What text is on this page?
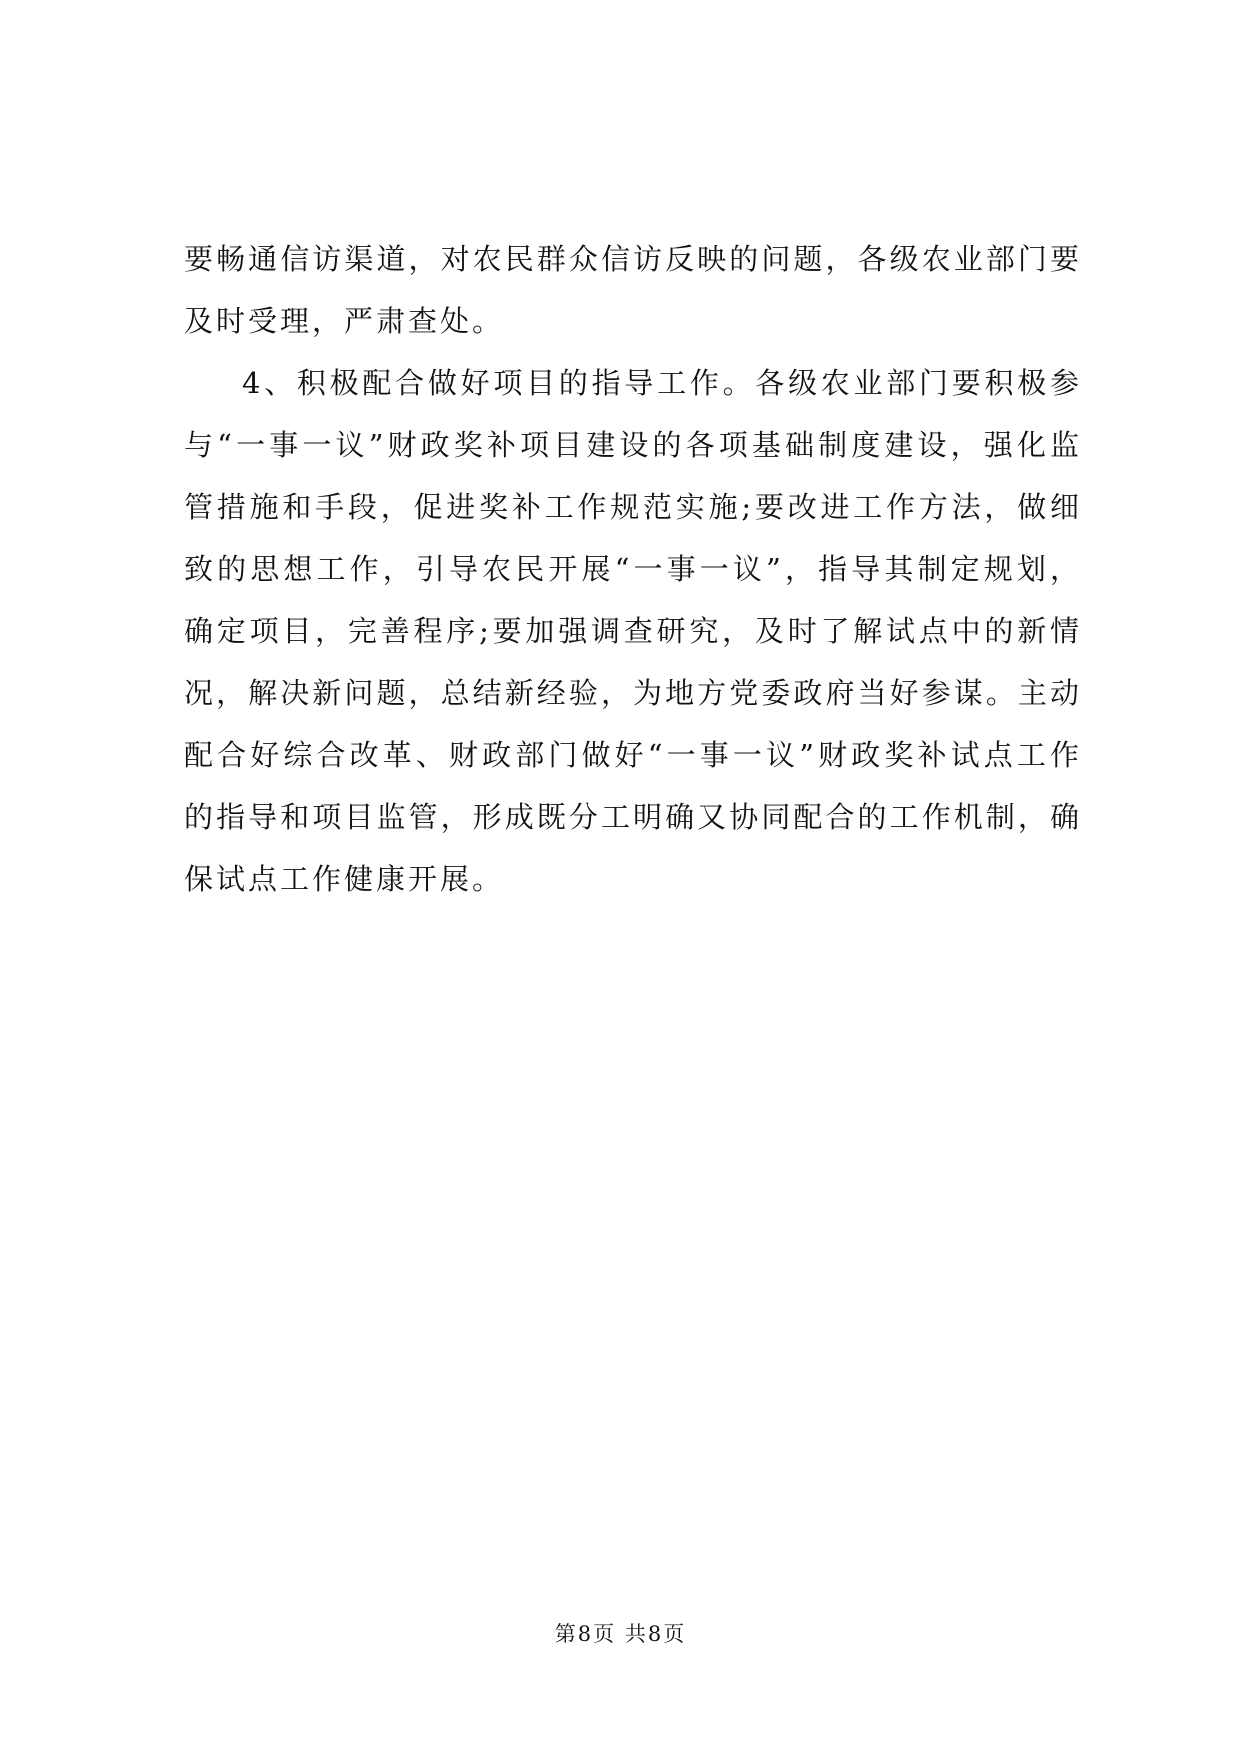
要畅通信访渠道，对农民群众信访反映的问题，各级农业部门要
及时受理，严肃查处。
4、积极配合做好项目的指导工作。各级农业部门要积极参
与“一事一议”财政奖补项目建设的各项基础制度建设，强化监
管措施和手段，促进奖补工作规范实施;要改进工作方法，做细
致的思想工作，引导农民开展“一事一议”，指导其制定规划，
确定项目，完善程序;要加强调查研究，及时了解试点中的新情
况，解决新问题，总结新经验，为地方党委政府当好参谋。主动
配合好综合改革、财政部门做好“一事一议”财政奖补试点工作
的指导和项目监管，形成既分工明确又协同配合的工作机制，确
保试点工作健康开展。
第8页 共8页
